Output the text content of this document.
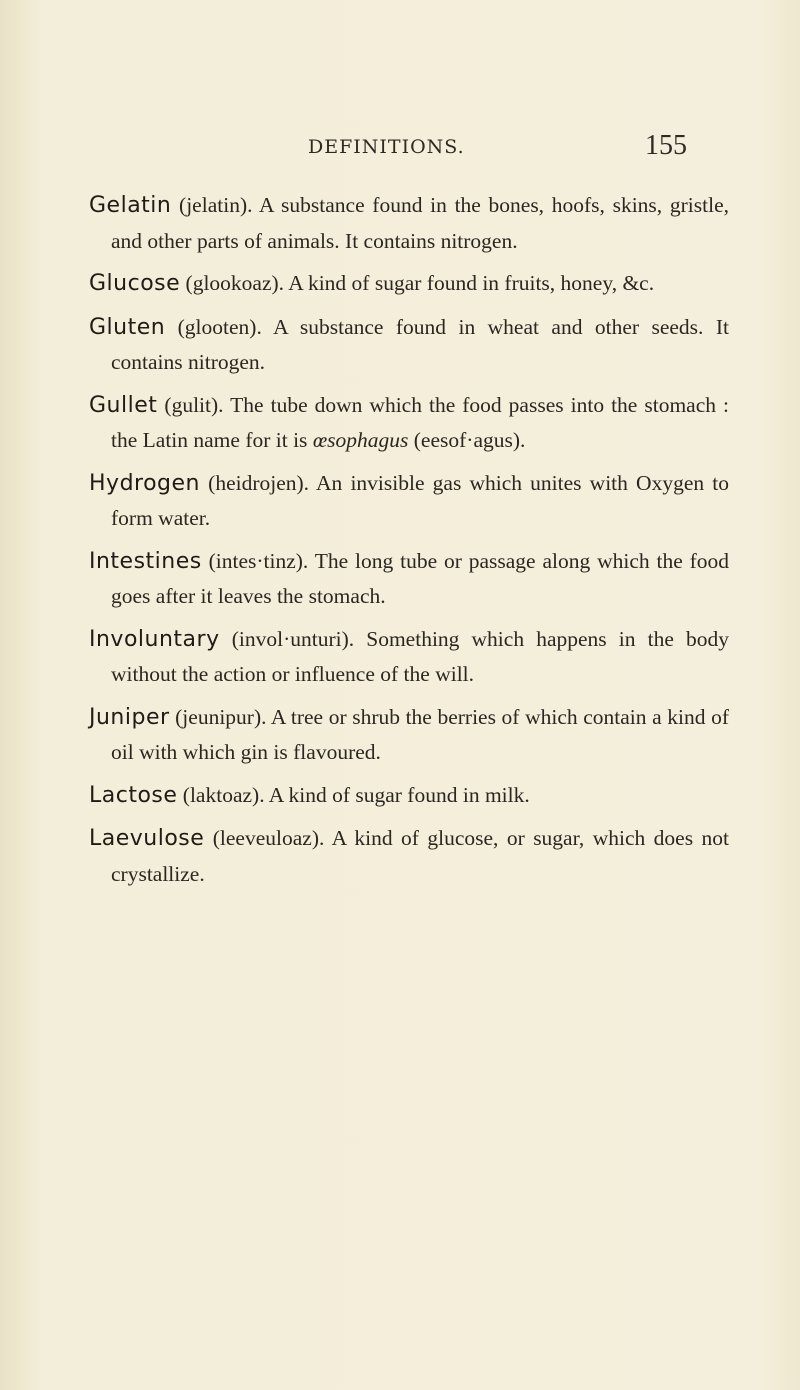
DEFINITIONS.	155

Gelatin (jelatin). A substance found in the bones, hoofs, skins, gristle, and other parts of animals. It contains nitrogen.

Glucose (glookoaz). A kind of sugar found in fruits, honey, &c.

Gluten (glooten). A substance found in wheat and other seeds. It contains nitrogen.

Gullet (gulit). The tube down which the food passes into the stomach : the Latin name for it is œsophagus (eesof·agus).

Hydrogen (heidrojen). An invisible gas which unites with Oxygen to form water.

Intestines (intes·tinz). The long tube or passage along which the food goes after it leaves the stomach.

Involuntary (invol·unturi). Something which happens in the body without the action or influence of the will.

Juniper (jeunipur). A tree or shrub the berries of which contain a kind of oil with which gin is flavoured.

Lactose (laktoaz). A kind of sugar found in milk.

Laevulose (leeveuloaz). A kind of glucose, or sugar, which does not crystallize.
